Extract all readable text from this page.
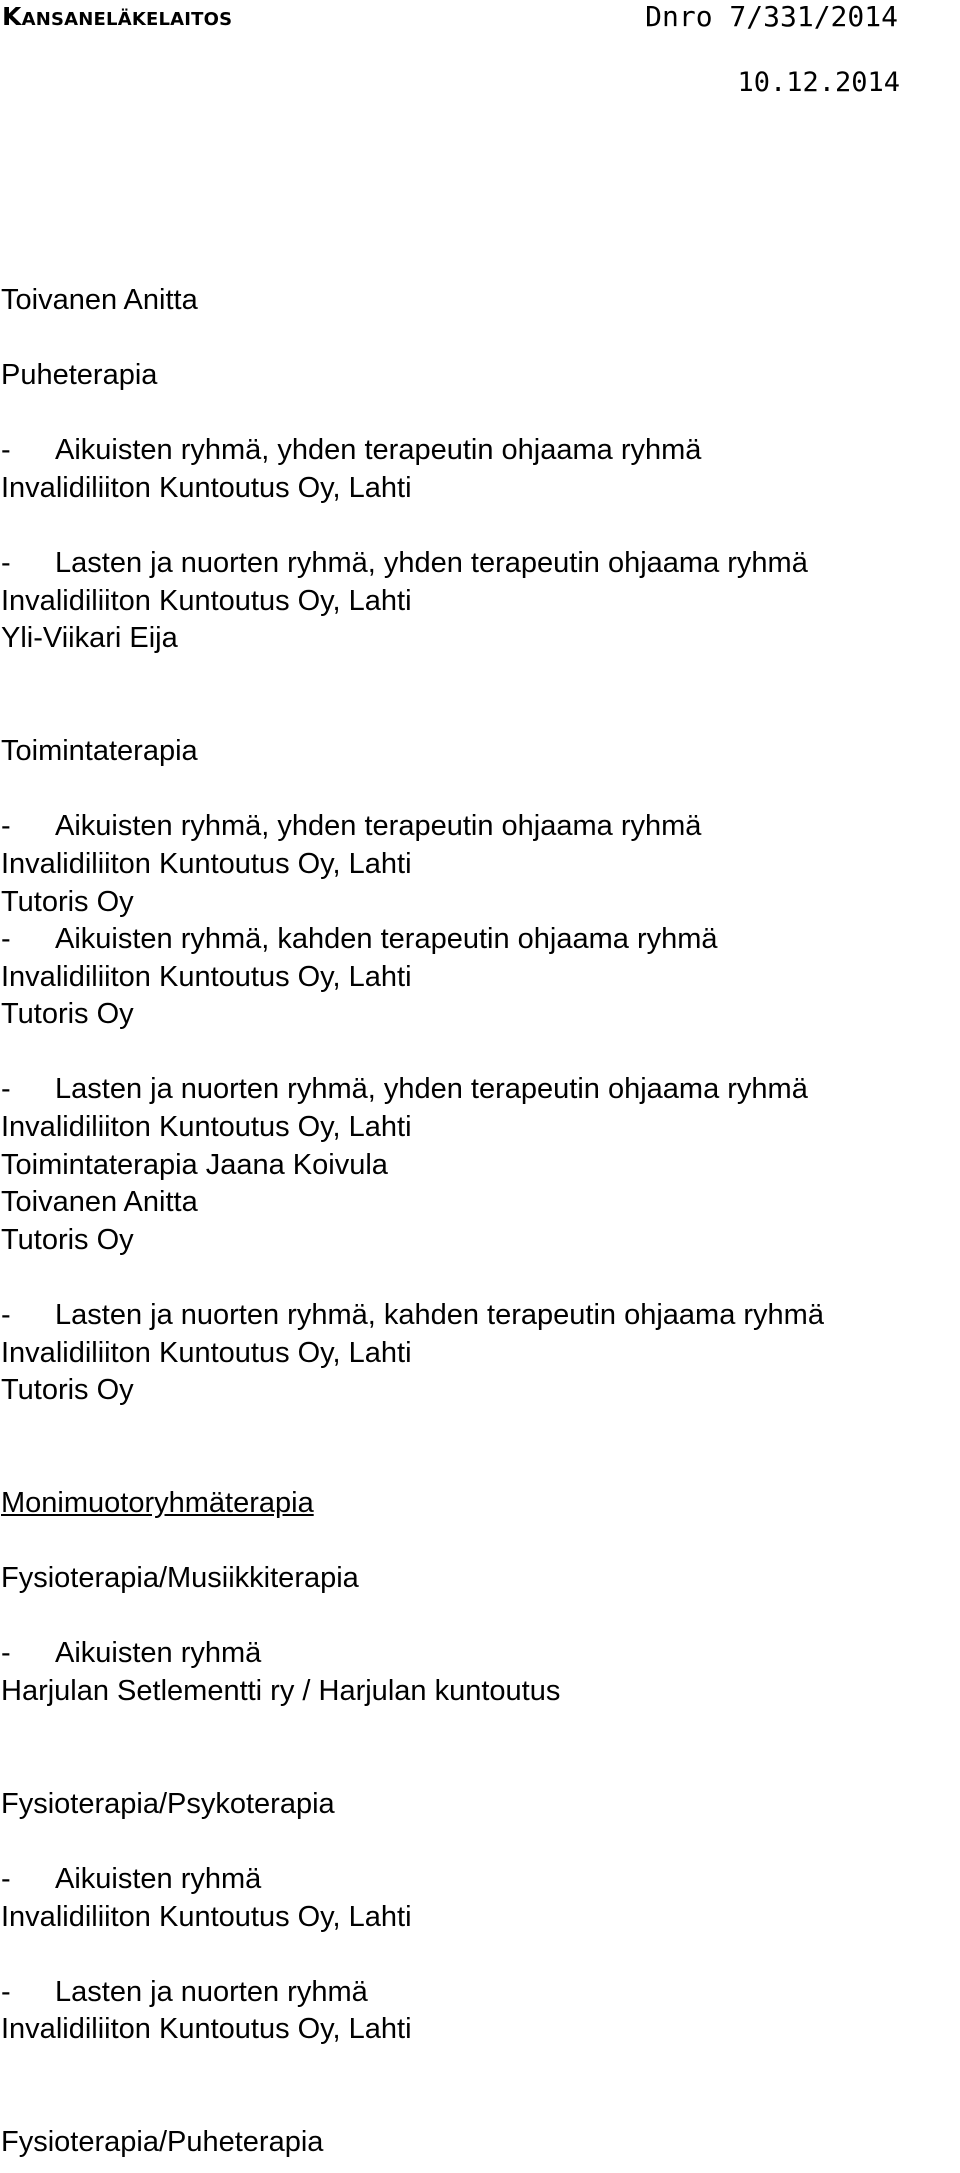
Kansaneläkelaitos	Dnro 7/331/2014
10.12.2014
Toivanen Anitta
Puheterapia
- Aikuisten ryhmä, yhden terapeutin ohjaama ryhmä
Invalidiliiton Kuntoutus Oy, Lahti
- Lasten ja nuorten ryhmä, yhden terapeutin ohjaama ryhmä
Invalidiliiton Kuntoutus Oy, Lahti
Yli-Viikari Eija
Toimintaterapia
- Aikuisten ryhmä, yhden terapeutin ohjaama ryhmä
Invalidiliiton Kuntoutus Oy, Lahti
Tutoris Oy
- Aikuisten ryhmä, kahden terapeutin ohjaama ryhmä
Invalidiliiton Kuntoutus Oy, Lahti
Tutoris Oy
- Lasten ja nuorten ryhmä, yhden terapeutin ohjaama ryhmä
Invalidiliiton Kuntoutus Oy, Lahti
Toimintaterapia Jaana Koivula
Toivanen Anitta
Tutoris Oy
- Lasten ja nuorten ryhmä, kahden terapeutin ohjaama ryhmä
Invalidiliiton Kuntoutus Oy, Lahti
Tutoris Oy
Monimuotoryhmäterapia
Fysioterapia/Musiikkiterapia
- Aikuisten ryhmä
Harjulan Setlementti ry / Harjulan kuntoutus
Fysioterapia/Psykoterapia
- Aikuisten ryhmä
Invalidiliiton Kuntoutus Oy, Lahti
- Lasten ja nuorten ryhmä
Invalidiliiton Kuntoutus Oy, Lahti
Fysioterapia/Puheterapia
